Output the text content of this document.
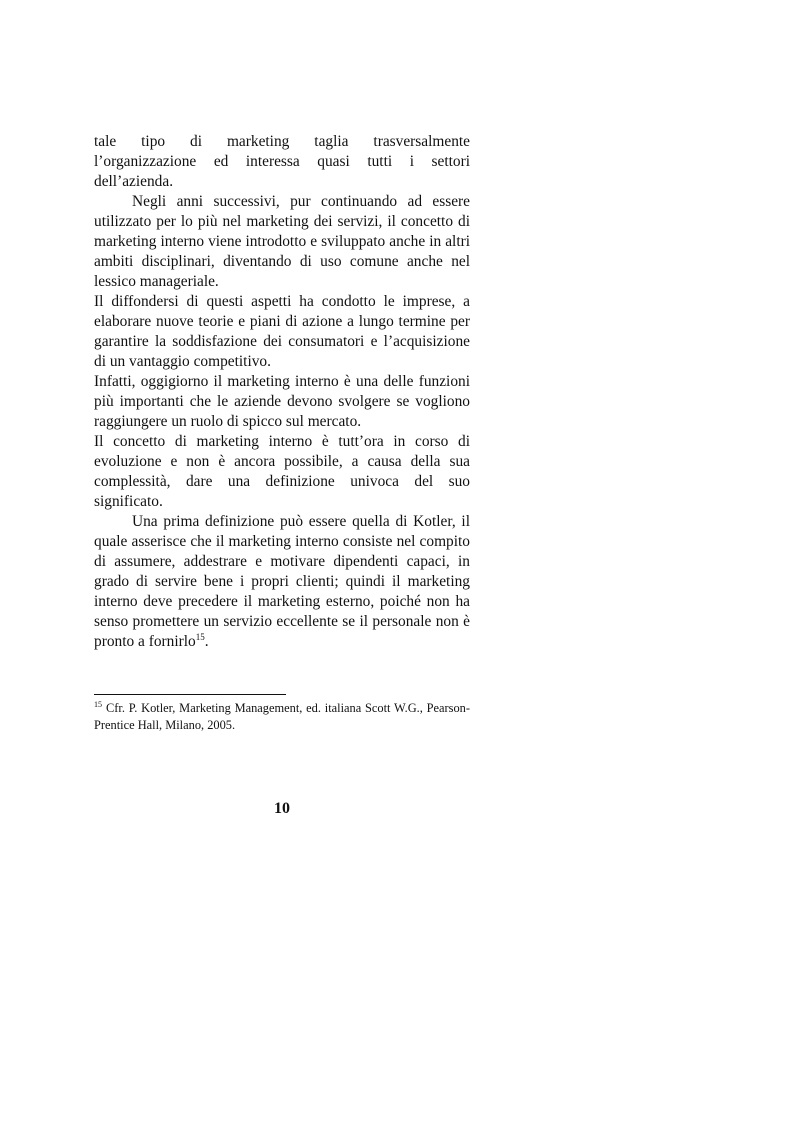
tale tipo di marketing taglia trasversalmente l’organizzazione ed interessa quasi tutti i settori dell’azienda.

Negli anni successivi, pur continuando ad essere utilizzato per lo più nel marketing dei servizi, il concetto di marketing interno viene introdotto e sviluppato anche in altri ambiti disciplinari, diventando di uso comune anche nel lessico manageriale.

Il diffondersi di questi aspetti ha condotto le imprese, a elaborare nuove teorie e piani di azione a lungo termine per garantire la soddisfazione dei consumatori e l’acquisizione di un vantaggio competitivo.

Infatti, oggigiorno il marketing interno è una delle funzioni più importanti che le aziende devono svolgere se vogliono raggiungere un ruolo di spicco sul mercato.

Il concetto di marketing interno è tutt’ora in corso di evoluzione e non è ancora possibile, a causa della sua complessità, dare una definizione univoca del suo significato.

Una prima definizione può essere quella di Kotler, il quale asserisce che il marketing interno consiste nel compito di assumere, addestrare e motivare dipendenti capaci, in grado di servire bene i propri clienti; quindi il marketing interno deve precedere il marketing esterno, poiché non ha senso promettere un servizio eccellente se il personale non è pronto a fornirlo$^{15}$.

$^{15}$ Cfr. P. Kotler, Marketing Management, ed. italiana Scott W.G., Pearson- Prentice Hall, Milano, 2005.
10
